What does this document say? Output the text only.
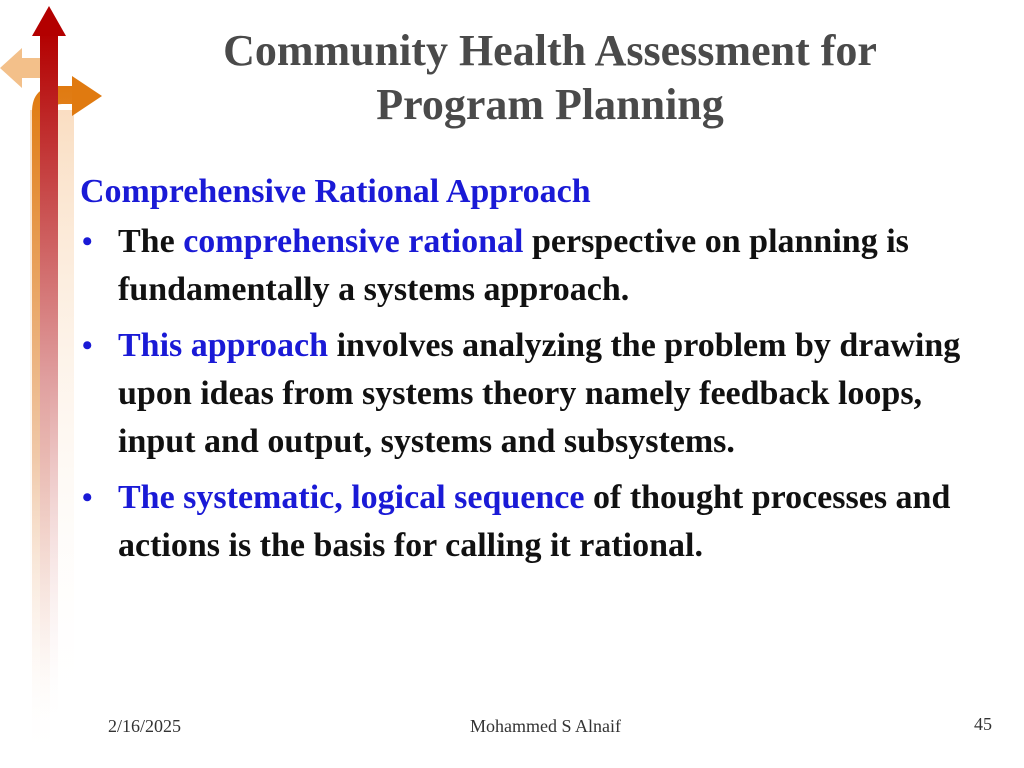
Community Health Assessment for
Program Planning
Comprehensive Rational Approach
• The comprehensive rational perspective on planning is fundamentally a systems approach.
• This approach involves analyzing the problem by drawing upon ideas from systems theory namely feedback loops, input and output, systems and subsystems.
• The systematic, logical sequence of thought processes and actions is the basis for calling it rational.
2/16/2025	Mohammed S Alnaif	45
